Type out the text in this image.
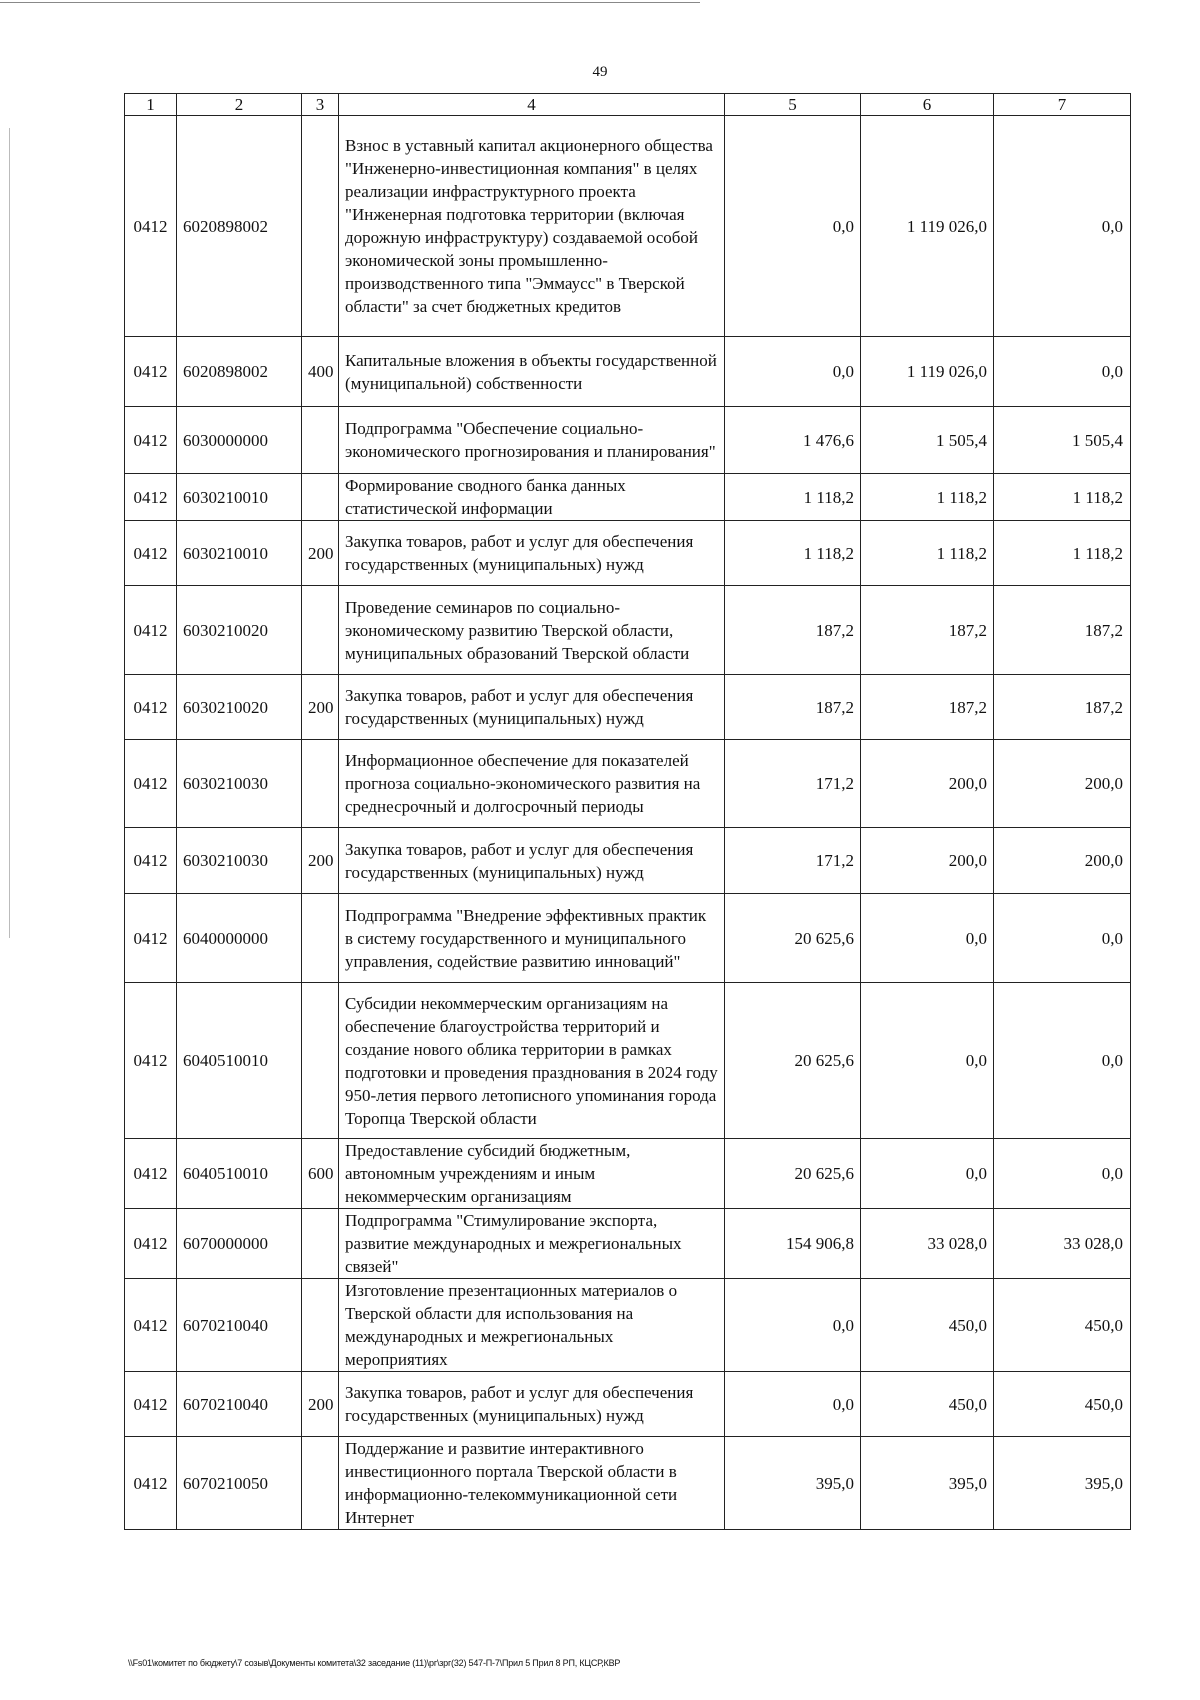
49
1	2	3	4	5	6	7
0412	6020898002		Взнос в уставный капитал акционерного общества "Инженерно-инвестиционная компания" в целях реализации инфраструктурного проекта "Инженерная подготовка территории (включая дорожную инфраструктуру) создаваемой особой экономической зоны промышленно-производственного типа "Эммаусс" в Тверской области" за счет бюджетных кредитов	0,0	1 119 026,0	0,0
0412	6020898002	400	Капитальные вложения в объекты государственной (муниципальной) собственности	0,0	1 119 026,0	0,0
0412	6030000000		Подпрограмма "Обеспечение социально-экономического прогнозирования и планирования"	1 476,6	1 505,4	1 505,4
0412	6030210010		Формирование сводного банка данных статистической информации	1 118,2	1 118,2	1 118,2
0412	6030210010	200	Закупка товаров, работ и услуг для обеспечения государственных (муниципальных) нужд	1 118,2	1 118,2	1 118,2
0412	6030210020		Проведение семинаров по социально-экономическому развитию Тверской области, муниципальных образований Тверской области	187,2	187,2	187,2
0412	6030210020	200	Закупка товаров, работ и услуг для обеспечения государственных (муниципальных) нужд	187,2	187,2	187,2
0412	6030210030		Информационное обеспечение для показателей прогноза социально-экономического развития на среднесрочный и долгосрочный периоды	171,2	200,0	200,0
0412	6030210030	200	Закупка товаров, работ и услуг для обеспечения государственных (муниципальных) нужд	171,2	200,0	200,0
0412	6040000000		Подпрограмма "Внедрение эффективных практик в систему государственного и муниципального управления, содействие развитию инноваций"	20 625,6	0,0	0,0
0412	6040510010		Субсидии некоммерческим организациям на обеспечение благоустройства территорий и создание нового облика территории в рамках подготовки и проведения празднования в 2024 году 950-летия первого летописного упоминания города Торопца Тверской области	20 625,6	0,0	0,0
0412	6040510010	600	Предоставление субсидий бюджетным, автономным учреждениям и иным некоммерческим организациям	20 625,6	0,0	0,0
0412	6070000000		Подпрограмма "Стимулирование экспорта, развитие международных и межрегиональных связей"	154 906,8	33 028,0	33 028,0
0412	6070210040		Изготовление презентационных материалов о Тверской области для использования на международных и межрегиональных мероприятиях	0,0	450,0	450,0
0412	6070210040	200	Закупка товаров, работ и услуг для обеспечения государственных (муниципальных) нужд	0,0	450,0	450,0
0412	6070210050		Поддержание и развитие интерактивного инвестиционного портала Тверской области в информационно-телекоммуникационной сети Интернет	395,0	395,0	395,0
\\Fs01\комитет по бюджету\7 созыв\Документы комитета\32 заседание (11)\рг\зрг(32) 547-П-7\Прил 5 Прил 8 РП, КЦСР,КВР
